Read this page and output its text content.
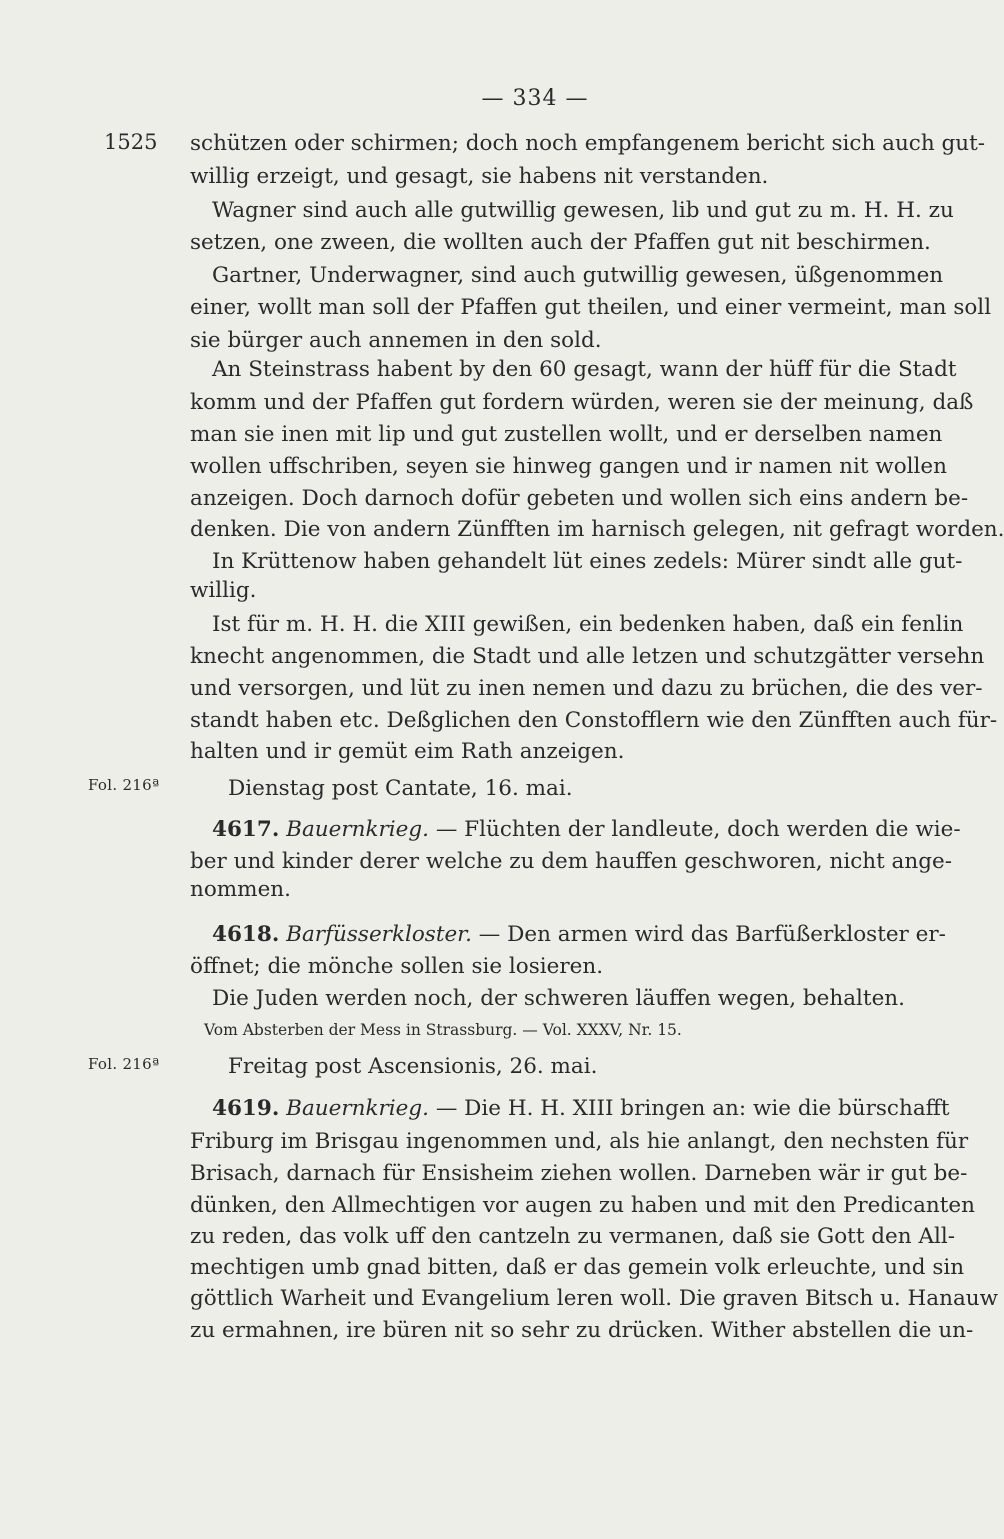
— 334 —
1525
Fol. 216ª
Fol. 216ª
schützen oder schirmen; doch noch empfangenem bericht sich auch gut-
willig erzeigt, und gesagt, sie habens nit verstanden.
Wagner sind auch alle gutwillig gewesen, lib und gut zu m. H. H. zu
setzen, one zween, die wollten auch der Pfaffen gut nit beschirmen.
Gartner, Underwagner, sind auch gutwillig gewesen, üßgenommen
einer, wollt man soll der Pfaffen gut theilen, und einer vermeint, man soll
sie bürger auch annemen in den sold.
An Steinstrass habent by den 60 gesagt, wann der hüff für die Stadt
komm und der Pfaffen gut fordern würden, weren sie der meinung, daß
man sie inen mit lip und gut zustellen wollt, und er derselben namen
wollen uffschriben, seyen sie hinweg gangen und ir namen nit wollen
anzeigen. Doch darnoch dofür gebeten und wollen sich eins andern be-
denken. Die von andern Zünfften im harnisch gelegen, nit gefragt worden.
In Krüttenow haben gehandelt lüt eines zedels: Mürer sindt alle gut-
willig.
Ist für m. H. H. die XIII gewißen, ein bedenken haben, daß ein fenlin
knecht angenommen, die Stadt und alle letzen und schutzgätter versehn
und versorgen, und lüt zu inen nemen und dazu zu brüchen, die des ver-
standt haben etc. Deßglichen den Constofflern wie den Zünfften auch für-
halten und ir gemüt eim Rath anzeigen.
Dienstag post Cantate, 16. mai.
4617. Bauernkrieg. — Flüchten der landleute, doch werden die wie-
ber und kinder derer welche zu dem hauffen geschworen, nicht ange-
nommen.
4618. Barfüsserkloster. — Den armen wird das Barfüßerkloster er-
öffnet; die mönche sollen sie losieren.
Die Juden werden noch, der schweren läuffen wegen, behalten.
Vom Absterben der Mess in Strassburg. — Vol. XXXV, Nr. 15.
Freitag post Ascensionis, 26. mai.
4619. Bauernkrieg. — Die H. H. XIII bringen an: wie die bürschafft
Friburg im Brisgau ingenommen und, als hie anlangt, den nechsten für
Brisach, darnach für Ensisheim ziehen wollen. Darneben wär ir gut be-
dünken, den Allmechtigen vor augen zu haben und mit den Predicanten
zu reden, das volk uff den cantzeln zu vermanen, daß sie Gott den All-
mechtigen umb gnad bitten, daß er das gemein volk erleuchte, und sin
göttlich Warheit und Evangelium leren woll. Die graven Bitsch u. Hanauw
zu ermahnen, ire büren nit so sehr zu drücken. Wither abstellen die un-
